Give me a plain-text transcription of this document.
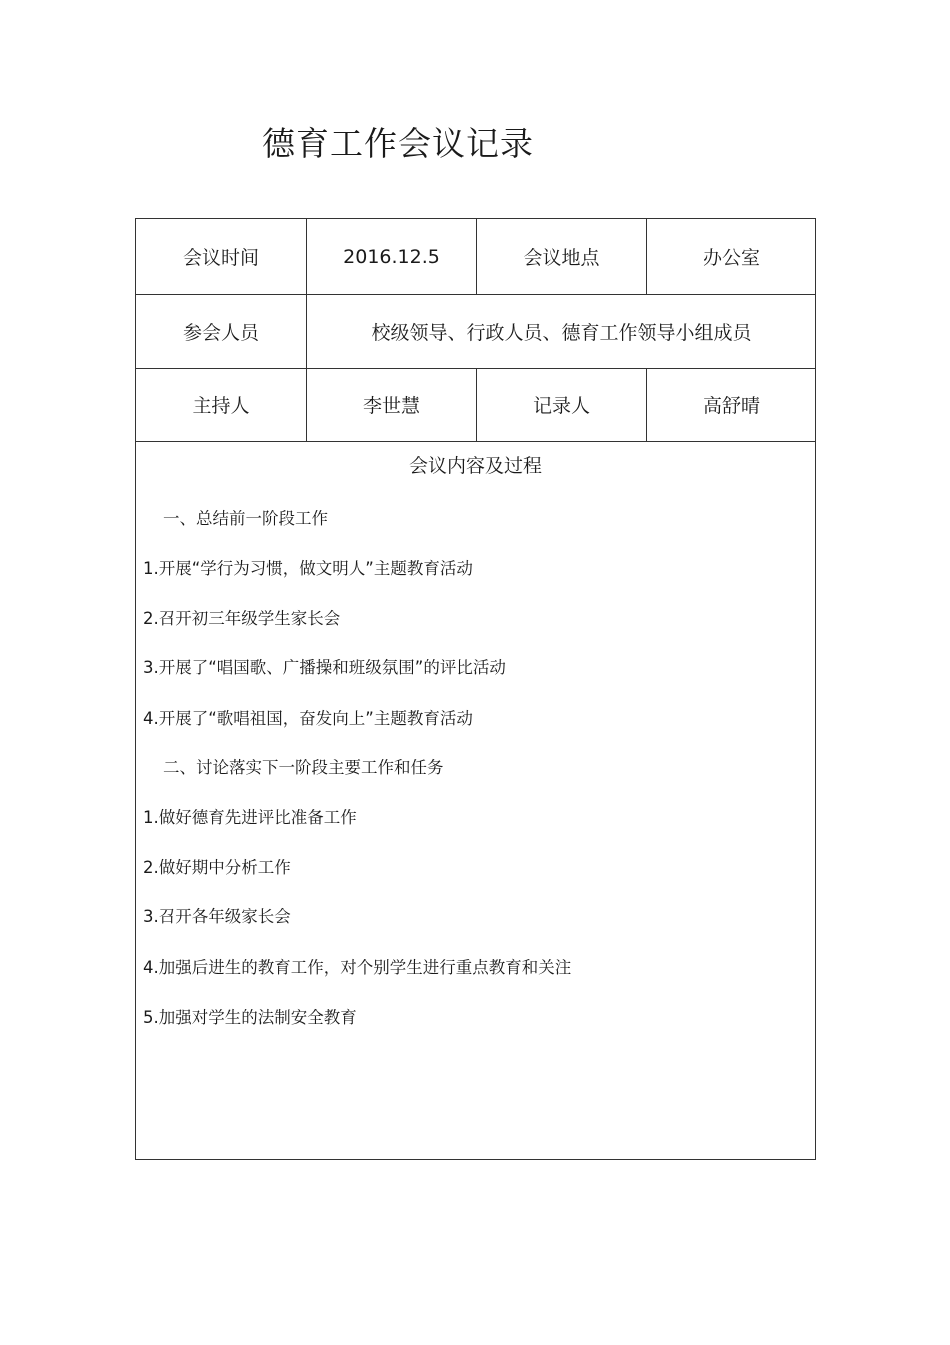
德育工作会议记录
会议时间	2016.12.5	会议地点	办公室
参会人员	校级领导、行政人员、德育工作领导小组成员
主持人	李世慧	记录人	高舒晴
会议内容及过程
一、总结前一阶段工作
1.开展“学行为习惯，做文明人”主题教育活动
2.召开初三年级学生家长会
3.开展了“唱国歌、广播操和班级氛围”的评比活动
4.开展了“歌唱祖国，奋发向上”主题教育活动
二、讨论落实下一阶段主要工作和任务
1.做好德育先进评比准备工作
2.做好期中分析工作
3.召开各年级家长会
4.加强后进生的教育工作，对个别学生进行重点教育和关注
5.加强对学生的法制安全教育
